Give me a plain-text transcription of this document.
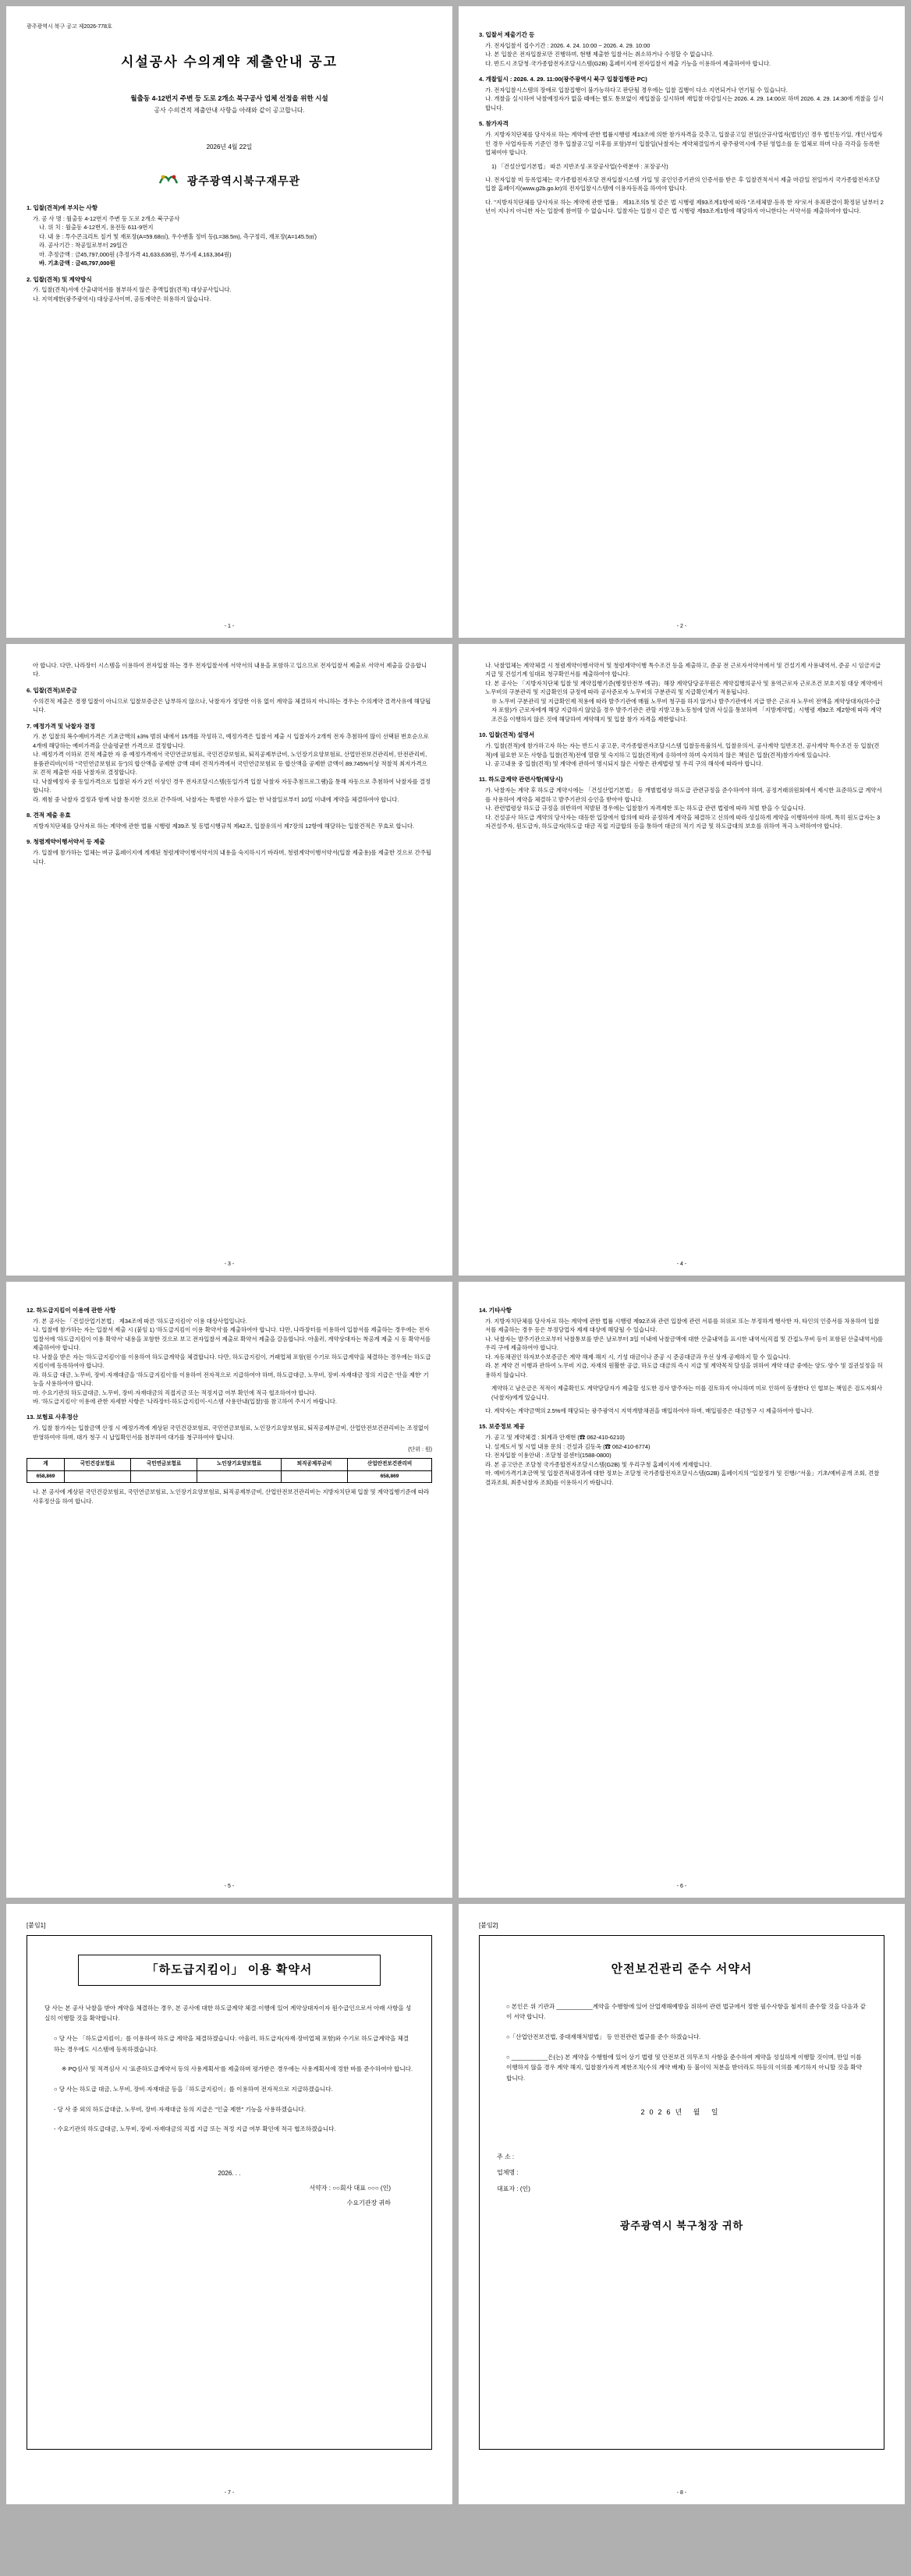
광주광역시 북구 공고 제2026-778호
시설공사 수의계약 제출안내 공고
월출동 4-12번지 주변 등 도로 2개소 북구공사 업체 선정을 위한 시설
공사 수의견적 제출안내 사항을 아래와 같이 공고합니다.
2026년 4월 22일
광주광역시북구재무관
1. 입찰(견적)에 부치는 사항

가. 공 사 명 : 월출동 4-12번지 주변 등 도로 2개소 북구공사

나. 위 치 : 월출동 4-12번지, 용전동 611-9번지

다. 내 용 : 투수콘크리트 칠거 및 재포장(A=59.68㎡), 우수맨홀 정비 등(L=38.5m), 측구정리, 재포장(A=145.5㎡)

라. 공사기간 : 착공일로부터 29일간

마. 추정금액 : 금45,797,000원 (추정가격 41,633,636원, 부가세 4,163,364원)

바. 기초금액 : 금45,797,000원

2. 입찰(견적) 및 계약방식

가. 입찰(견적)서에 산출내역서를 첨부하지 않은 총액입찰(견적) 대상공사입니다.

나. 지역제한(광주광역시) 대상공사이며, 공동계약은 허용하지 않습니다.

- 1 -
3. 입찰서 제출기간 등

가. 전자입찰서 접수기간 : 2026. 4. 24. 10:00 ~ 2026. 4. 29. 10:00

나. 본 입찰은 전자입찰로만 진행하며, 현행 제출한 입찰서는 취소하거나 수정할 수 없습니다.

다. 반드시 조달청·국가종합전자조달시스템(G2B) 홈페이지에 전자입찰서 제출 기능을 이용하여 제출하여야 합니다.

4. 개찰일시 : 2026. 4. 29. 11:00(광주광역시 북구 입찰집행관 PC)

가. 전자입찰시스템의 장애로 입찰집행이 불가능하다고 판단될 경우에는 입찰 집행이 다소 지연되거나 연기될 수 있습니다.

나. 개찰을 실시하여 낙찰예정자가 없을 때에는 별도 통보없이 재입찰을 실시하며 재입찰 마감일시는 2026. 4. 29. 14:00로 하며 2026. 4. 29. 14:30에 개찰을 실시합니다.

5. 참가자격

가. 지방자치단체를 당사자로 하는 계약에 관한 법률시행령 제13조에 의한 참가자격을 갖추고, 입찰공고일 전일(산규사업자(법인)인 경우 법인등기일, 개인사업자인 경우 사업자등록 기준인 경우 입찰공고일 이후를 포함)부터 입찰일(낙찰자는 계약체결일까지 광주광역시에 주된 영업소를 둔 업체로 하며 다음 각각을 등록한 업체여야 합니다.

1) 「건설산업기본법」 따른 지반조성·포장공사업(수력분야 : 포장공사)

나. 전자입찰 미 등록업체는 국가종합전자조달 전자입찰시스템 가입 및 공인인증기관의 인증서를 받은 후 입찰견적서서 제출 마감일 전일까지 국가종합전자조달 입찰 홈페이지(www.g2b.go.kr)의 전자입찰시스템에 이용자등록을 하여야 합니다.

다. "지방자치단체를 당사자로 하는 계약에 관한 법률」 제31조의5 및 같은 법 시행령 제93조계1항에 따라 "조세체발·등록 한 자"로서 유죄판결이 확정된 날부터 2년이 지나지 아니한 자는 입찰에 참여할 수 없습니다. 입찰자는 입찰시 같은 법 시행령 제93조계1항에 해당하지 아니한다는 서약서를 제출하여야 합니다.

- 2 -

아 합니다. 다만, 나라장터 시스템을 이용하여 전자입찰 하는 경우 전자입찰서에 서약서의 내용을 포함하고 입으므로 전자입찰서 제출로 서약서 제출을 갈음합니다.

6. 입찰(견적)보증금

수의견적 제출은 경쟁 입찰이 아니므로 입찰보증금은 납부하지 않으나, 낙찰자가 정당한 이유 없이 계약을 체결하지 아니하는 경우는 수의계약 결격사유에 해당됩니다.

7. 예정가격 및 낙찰자 결정

가. 본 입찰의 복수예비가격은 기초금액의 ±3% 범위 내에서 15개를 작성하고, 예정가격은 입찰서 제출 시 입찰자가 2개씩 전자 추첨하여 많이 선택된 번호순으로 4개에 해당하는 예비가격을 산술평균한 가격으로 결정합니다.

나. 예정가격 이하로 견적 제출한 자 중 예정가격에서 국민연금보험료, 국민건강보험료, 퇴직공제부금비, 노인장기요양보험료, 산업안전보건관리비, 안전관리비, 용품관리비(이하 "국민연금보험료 등")의 합산액을 공제한 금액 대비 견적가격에서 국민연금보험료 등 합산액을 공제한 금액이 89.745%이상 적찰적 최저가격으로 견적 제출한 자를 낙찰자로 결정합니다.

다. 낙찰예정자 중 동일가격으로 입찰된 자가 2인 이상인 경우 전자조달시스템(동일가격 입찰 낙찰자 자동추첨프로그램)을 통해 자동으로 추첨하여 낙찰자를 결정합니다.

라. 재첨 중 낙찰자 결정과 함께 낙찰 통지한 것으로 간주하며, 낙찰자는 특별한 사유가 없는 한 낙찰일로부터 10일 이내에 계약을 체결하여야 합니다.

8. 견적 제출 유효

지방자치단체를 당사자로 하는 계약에 관한 법률 시행령 제39조 및 동법시행규칙 제42조, 입찰유의서 제7장의 12항에 해당하는 입찰견적은 무효로 합니다.

9. 청렴계약이행서약서 등 제출

가. 입찰에 참가하는 업체는 벼규 홈페이지에 게재된 청렴계약이행서약서의 내용을 숙지하시기 바라며, 청렴계약이행서약서(입찰 제출용)를 제출한 것으로 간주됩니다.

- 3 -

나. 낙찰업체는 계약체결 시 청렴계약이행서약서 및 청렴계약이행 특수조건 등을 제출하고, 준공 전 근로자서약서에서 및 건설기계 사용내역서, 준공 시 임금지급지급 및 건설기계 임대료 청구확인서를 제출하여야 합니다.

다. 본 공사는 「지방자치단체 입찰 및 계약집행기준(행정안전부 예규)」해장 계약담당공무원은 계약집행의공사 및 용역근로자 근로조건 보호지침 대상 계약에서 노무비의 구분관리 및 지급확인의 규정에 따라 공사준로자 노무비의 구분관리 및 지급확인제가 적용됩니다.

※ 노무비 구분관리 및 지급확인제 적용에 따라 발주기관에 매월 노무비 청구를 하지 않거나 발주기관에서 지급 받은 근로자 노무비 전액을 계약상대자(하수급자 포함)가 근로자에게 해당 지급하지 않았을 경우 발주기관은 관할 지방고용노동청에 알려 사실을 통보하며 「지방계약법」시행령 제92조 제2항에 따라 계약조건을 이행하지 않은 것에 해당하여 계약해지 및 입찰 참가 자격을 제한합니다.

10. 입찰(견적) 설명서

가. 입찰(견적)에 참가하고자 하는 자는 반드시 공고문, 국가종합전자조달시스템 입찰등록율의서, 입찰유의서, 공사계약 일반조건, 공사계약 특수조건 등 입찰(견적)에 필요한 모든 사항을 입찰(견적)전에 열람 및 숙지하고 입찰(견적)에 응하여야 하며 숙지하지 않은 책임은 입찰(견적)참가자에 있습니다.

나. 공고내용 중 입찰(견적) 및 계약에 관하여 명시되지 않은 사항은 관계법령 및 우리 구의 해석에 따라야 합니다.

11. 하도급계약 관련사항(해당시)

가. 낙찰자는 계약 후 하도급 계약시에는 「건설산업기본법」 등 개별법령상 하도급 관련규정을 준수하여야 하며, 공정거래위원회에서 제시한 표준하도급 계약서를 사용하여 계약을 체결하고 발주기관의 승인을 받아야 합니다.

나. 관련법령상 하도급 규정을 위반하여 적발된 경우에는 입찰참가 자격제한 또는 하도급 관련 법령에 따라 처벌 받을 수 있습니다.

다. 건설공사 하도급 계약의 당사자는 대등한 입장에서 합의에 따라 공정하게 계약을 체결하고 신의에 따라 성실하게 계약을 이행하여야 하며, 특히 원도급자는 3자건설주자, 원도급자, 하도급자(하도급 대금 직접 지급합의 등을 통하여 대금의 적기 지급 및 하도급대의 보호를 위하여 적극 노력하여야 합니다.

- 4 -
12. 하도급지킴이 이용에 관한 사항

가. 본 공사는 「건설산업기본법」 제34조에 따른 '하도급지킴이' 이용 대상사업입니다.

나. 입찰에 참가하는 자는 입찰서 제출 시 (붙임 1) '하도급지킴이 이용 확약서'를 제출하여야 합니다. 다만, 나라장터를 이용하여 입찰서를 제출하는 경우에는 전자입찰서에 '하도급지킴이 이용 확약서' 내용을 포함한 것으로 보고 전자입찰서 제출로 확약서 제출을 갈음합니다. 아울러, 계약상대자는 착공계 제출 시 동 확약서를 제출하여야 합니다.

다. 낙찰을 받은 자는 '하도급지킴이'를 이용하여 하도급계약을 체결합니다. 다만, 하도급지킴이, 거래업체 포함(원 수기로 하도급계약을 체결하는 경우에는 하도급지킴이에 등록하여야 합니다.

라. 하도급 대금, 노무비, 장비·자재대금을 '하도급지킴이'를 이용하여 전자적으로 지급하여야 하며, 하도급대금, 노무비, 장비·자재대금 정의 지급은 '안을 제한' 기능을 사용하여야 합니다.

마. 수요기관의 하도급대금, 노무비, 장비·자재대금의 직접지금 또는 적정지급 여부 확인에 적극 협조하여야 합니다.

바. '하도급지킴이' 이용에 관한 자세한 사항은 '나라장터-하도급지킴이-시스템 사용안내(입찰)'를 참고하여 주시기 바랍니다.

13. 보험료 사후정산

가. 입찰 참가자는 입찰금액 산정 시 예정가격에 계상된 국민건강보험료, 국민연금보험료, 노인장기요양보험료, 퇴직공제부금비, 산업안전보건관리비는 조정없이 반영하여야 하며, 대가 청구 시 납입확인서를 첨부하여 대가를 청구하여야 합니다.

(단위 : 원)
계	국민건강보험료	국민연금보험료	노인장기요양보험료	퇴직공제부금비	산업안전보건관리비
658,869					658,869

나. 본 공사에 계상된 국민건강보험료, 국민연금보험료, 노인장기요양보험료, 퇴직공제부금비, 산업안전보건관리비는 지방자치단체 입찰 및 계약집행기준에 따라 사후정산을 하여 합니다.

- 5 -
14. 기타사항

가. 지방자치단체를 당사자로 하는 계약에 관한 법률 시행령 제92조와 관련 입찰에 관련 서류를 허위로 또는 부정하게 행사한 자, 타인의 인증서를 차용하여 입찰서를 제출하는 경우 등은 부정당업자 제재 대상에 해당될 수 있습니다.

나. 낙찰자는 발주기관으로부터 낙찰통보를 받은 날로부터 3일 이내에 낙찰금액에 대한 산출내역을 표시한 내역서(직접 및 간접노무비 등이 포함된 산출내역서)를 우리 구에 제출하여야 합니다.

다. 자동채권인 하자보수보증금은 계약 해제·해지 시, 기성 대금이나 준공 시 준공대금과 우선 상계·공제하지 할 수 있습니다.

라. 본 계약 건 이행과 관하여 노무비 지급, 자재의 원활한 공급, 하도급 대금의 즉시 지급 및 계약목적 달성을 위하여 계약 대금 중에는 양도·양수 및 질권설정을 허용하지 않습니다.

계약하고 남은금은 적적이 제출확인도 계약담당자가 제출할 성도한 검사 발주자는 미를 검토하지 아니하며 미로 인하여 동생한다 인 협보는 책임은 검도자회사(낙찰자)에게 있습니다.

다. 계약자는 계약금액의 2.5%에 해당되는 광주광역시 지역개발채권을 매입하여야 하며, 매입필증은 대금청구 시 제출하여야 합니다.

15. 보증정보 제공

가. 공고 및 계약체결 : 회계과 안재현 (☎ 062-410-6210)

나. 설계도서 및 시업 내용 문의 : 건설과 김동옥 (☎ 062-410-6774)

다. 전자입찰 이용안내 : 조달청 콜센터(1588-0800)

라. 본 공고안은 조달청 국가종합전자조달시스템(G2B) 및 우리구청 홈페이지에 게재합니다.

마. 예비가격기초금액 및 입찰견적내경과에 대한 정보는 조달청 국가종합전자조달시스템(G2B) 홈페이지의 "입찰정가 및 진행/-"서울」기초/예비공개 조회, 견찰결과조회, 최종낙찰자 조회)를 이용하시기 바랍니다.

- 6 -
[붙임1]
「하도급지킴이」 이용 확약서

당 사는 본 공사 낙찰을 받아 계약을 체결하는 경우, 본 공사에 대한 하도급계약 체결·이행에 있어 계약상대자이자 원수급인으로서 아래 사항을 성실히 이행할 것을 확약합니다.

○ 당 사는 「하도급지킴이」를 이용하여 하도급 계약을 체결하겠습니다. 아울러, 하도급자(자재·장비업체 포함)와 수기로 하도급계약을 체결하는 경우에도 시스템에 등록하겠습니다.

※ PQ심사 및 적격심사 시 '표준하도급계약서 등의 사용계획서'를 제출하며 평가받은 경우에는 사용계획서에 정한 바를 준수하여야 합니다.

○ 당 사는 하도급 대금, 노무비, 장비·자재대금 등을「하도급지킴이」를 이용하여 전자적으로 지급하겠습니다.

- 당 사 중 외의 하도급대금, 노무비, 장비·자재대금 등의 지급은 "인출 제한" 기능을 사용하겠습니다.

- 수요기관의 하도급대금, 노무비, 장비·자재대금의 직접 지급 또는 적정 지급 여부 확인에 적극 협조하겠습니다.

2026. . .
서약자 : ○○회사 대표 ○○○ (인)
수요기관장 귀하
- 7 -
[붙임2]
안전보건관리 준수 서약서

○ 본인은 위 기관과 ___________계약을 수행함에 있어 산업재해예방을 위하여 관련 법규에서 정한 필수사항을 철저히 준수할 것을 다음과 같이 서약 합니다.

○「산업안전보건법, 중대재해처벌법」 등 안전관련 법규를 준수 하겠습니다.

○ ___________은(는) 본 계약을 수행함에 있어 상기 법령 및 안전보건 의무조치 사항을 준수하여 계약을 성실하게 이행할 것이며, 만일 이를 이행하지 않을 경우 계약 해지, 입찰참가자격 제한조치(수의 계약 배제) 등 불이익 처분을 받더라도 하등의 이의를 제기하지 아니할 것을 확약합니다.

2026년 월 일
주 소 :
업체명 :
대표자 : (인)
광주광역시 북구청장 귀하
- 8 -
